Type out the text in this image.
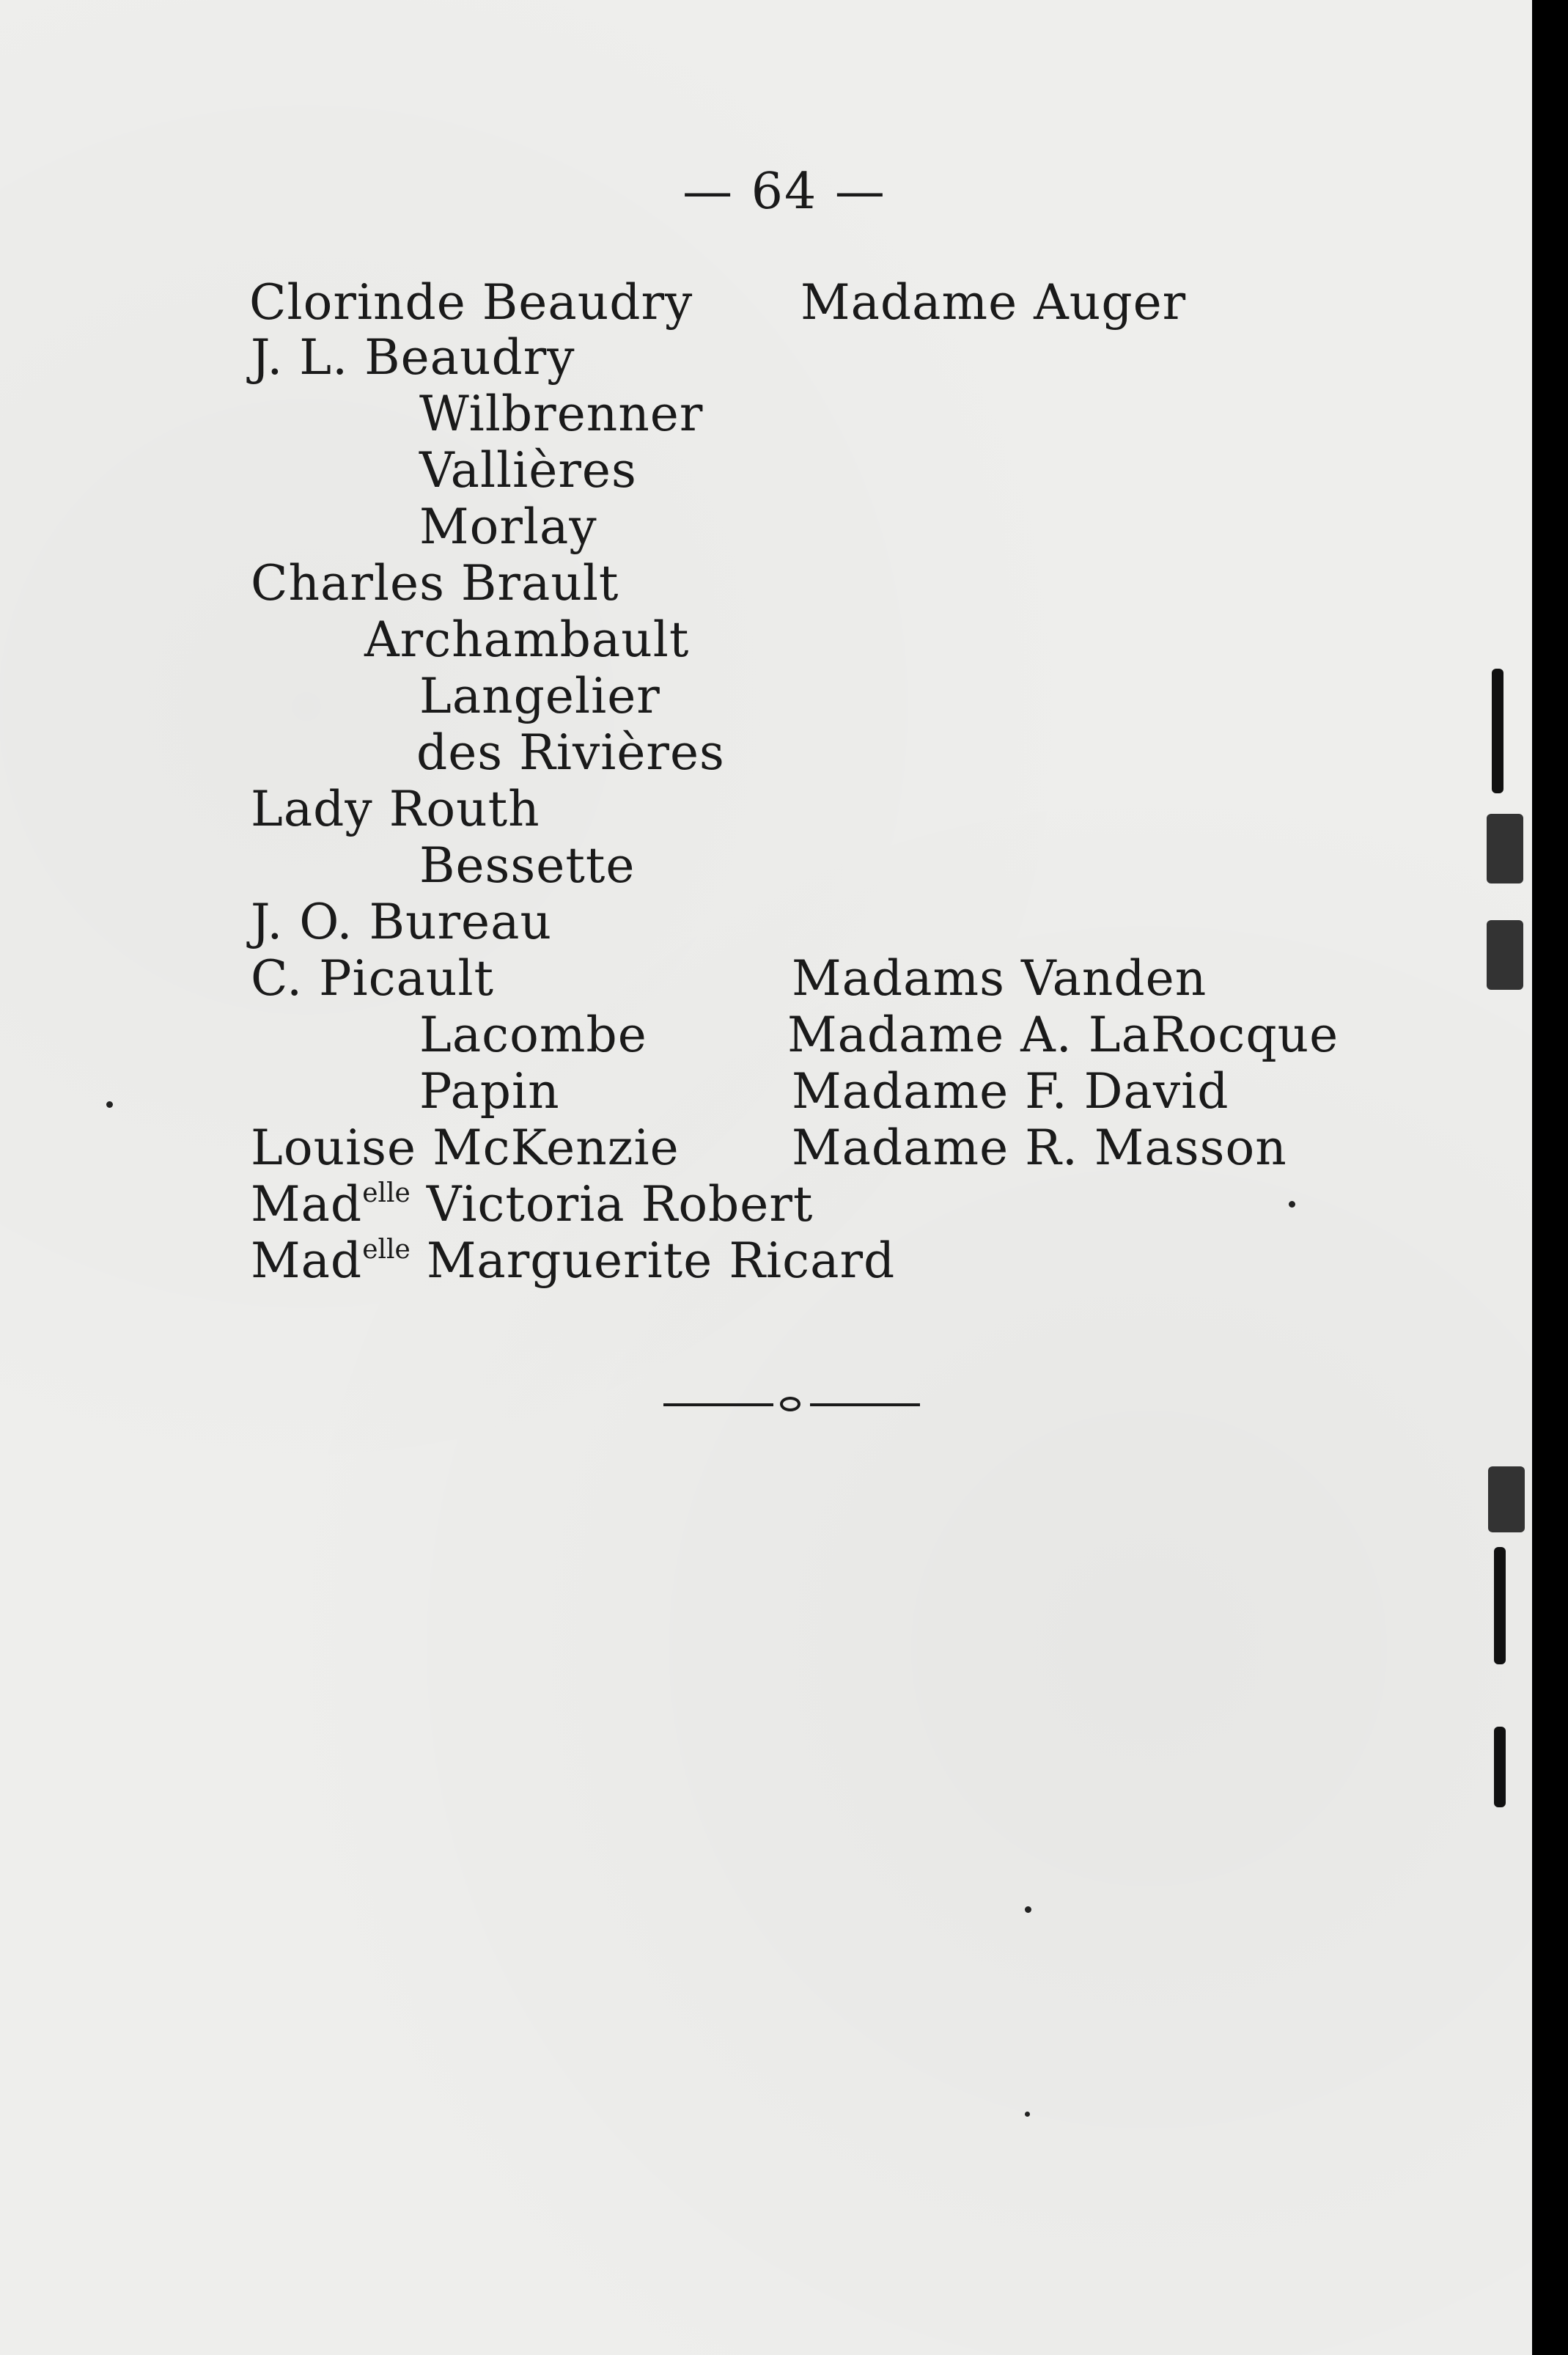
— 64 —
Clorinde Beaudry
J. L. Beaudry
Wilbrenner
Vallières
Morlay
Charles Brault
Archambault
Langelier
des Rivières
Lady Routh
Bessette
J. O. Bureau
C. Picault
Lacombe
Papin
Louise McKenzie
Mad$^{elle}$ Victoria Robert
Mad$^{elle}$ Marguerite Ricard
Madame Auger
Madams Vanden
Madame A. LaRocque
Madame F. David
Madame R. Masson
